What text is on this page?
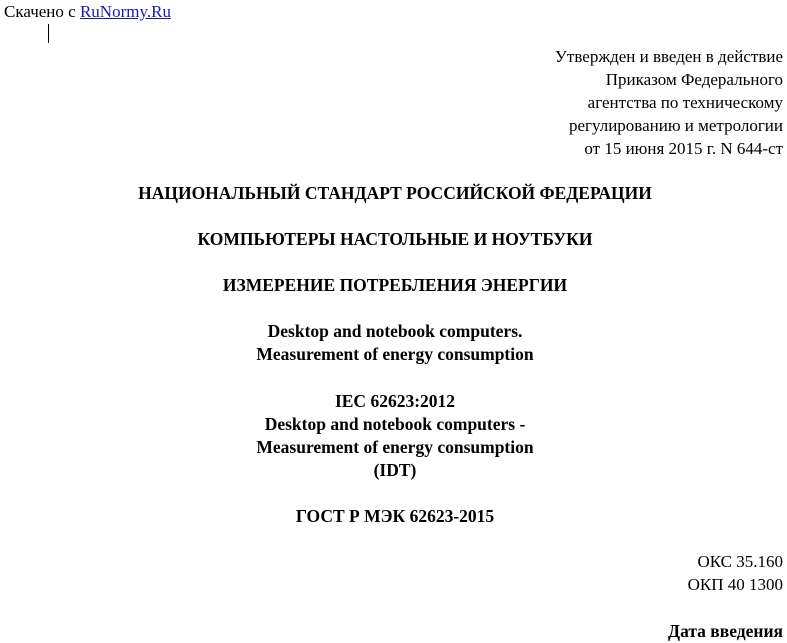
Скачено с RuNormy.Ru
Утвержден и введен в действие
Приказом Федерального
агентства по техническому
регулированию и метрологии
от 15 июня 2015 г. N 644-ст
НАЦИОНАЛЬНЫЙ СТАНДАРТ РОССИЙСКОЙ ФЕДЕРАЦИИ
КОМПЬЮТЕРЫ НАСТОЛЬНЫЕ И НОУТБУКИ
ИЗМЕРЕНИЕ ПОТРЕБЛЕНИЯ ЭНЕРГИИ
Desktop and notebook computers.
Measurement of energy consumption
IEC 62623:2012
Desktop and notebook computers -
Measurement of energy consumption
(IDT)
ГОСТ Р МЭК 62623-2015
ОКС 35.160
ОКП 40 1300
Дата введения
